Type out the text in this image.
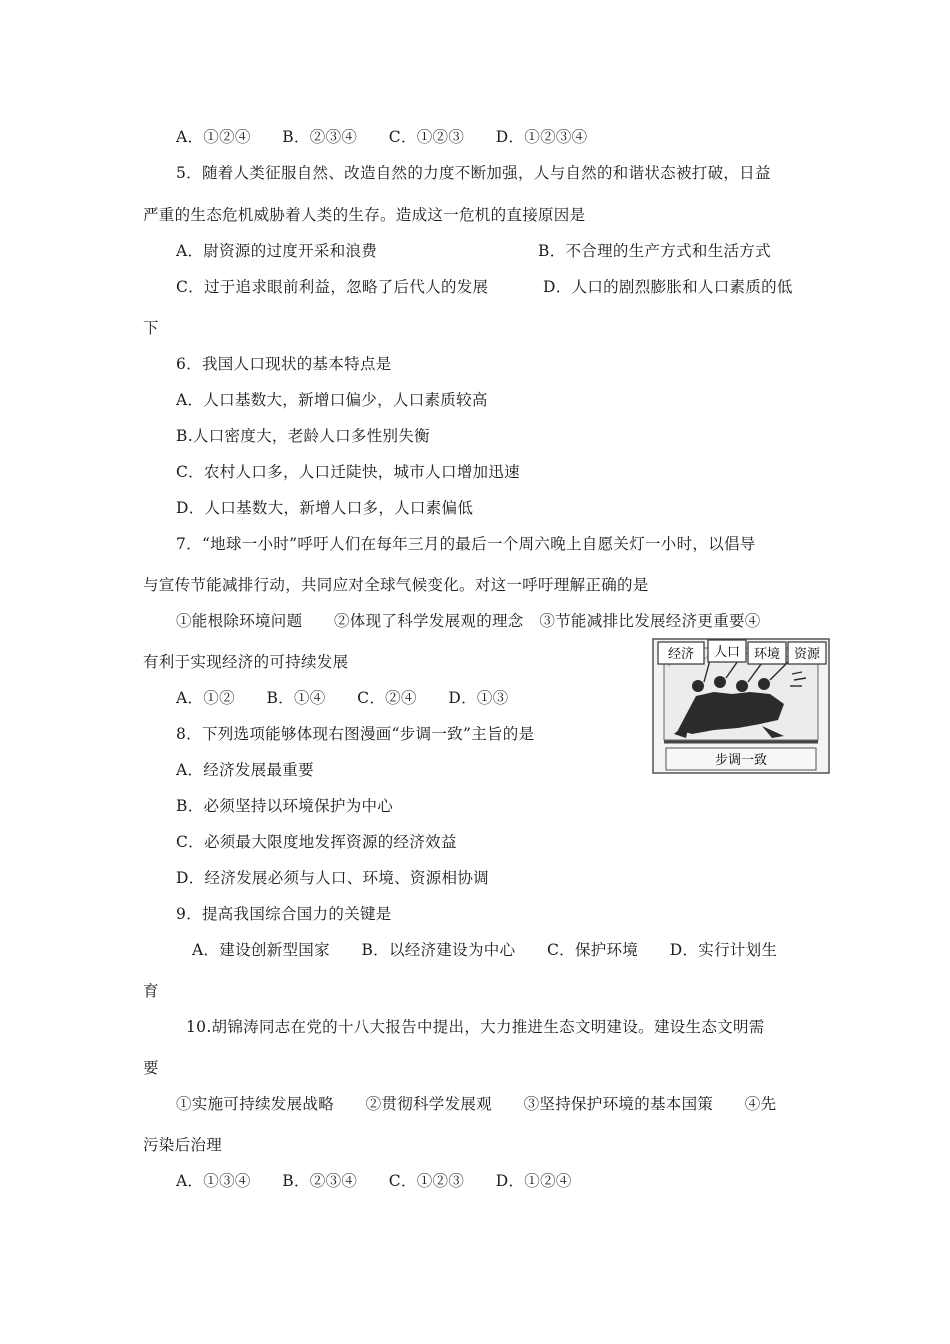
A．①②④　　B．②③④　　C．①②③　　D．①②③④
5．随着人类征服自然、改造自然的力度不断加强，人与自然的和谐状态被打破，日益
严重的生态危机威胁着人类的生存。造成这一危机的直接原因是
A．尉资源的过度开采和浪费	B．不合理的生产方式和生活方式
C．过于追求眼前利益，忽略了后代人的发展	D．人口的剧烈膨胀和人口素质的低
下
6．我国人口现状的基本特点是
A．人口基数大，新增口偏少，人口素质较高
B.人口密度大，老龄人口多性别失衡
C．农村人口多，人口迁陡快，城市人口增加迅速
D．人口基数大，新增人口多，人口素偏低
7．“地球一小时”呼吁人们在每年三月的最后一个周六晚上自愿关灯一小时，以倡导
与宣传节能减排行动，共同应对全球气候变化。对这一呼吁理解正确的是
①能根除环境问题　　②体现了科学发展观的理念　③节能减排比发展经济更重要④
有利于实现经济的可持续发展
A．①②　　B．①④　　C．②④　　D．①③
8．下列选项能够体现右图漫画“步调一致”主旨的是
A．经济发展最重要
B．必须坚持以环境保护为中心
C．必须最大限度地发挥资源的经济效益
D．经济发展必须与人口、环境、资源相协调
9．提高我国综合国力的关键是
A．建设创新型国家　　B．以经济建设为中心　　C．保护环境　　D．实行计划生
育
10.胡锦涛同志在党的十八大报告中提出，大力推进生态文明建设。建设生态文明需
要
①实施可持续发展战略　　②贯彻科学发展观　　③坚持保护环境的基本国策　　④先
污染后治理
A．①③④　　B．②③④　　C．①②③　　D．①②④
经济 人口 环境 资源
步调一致
